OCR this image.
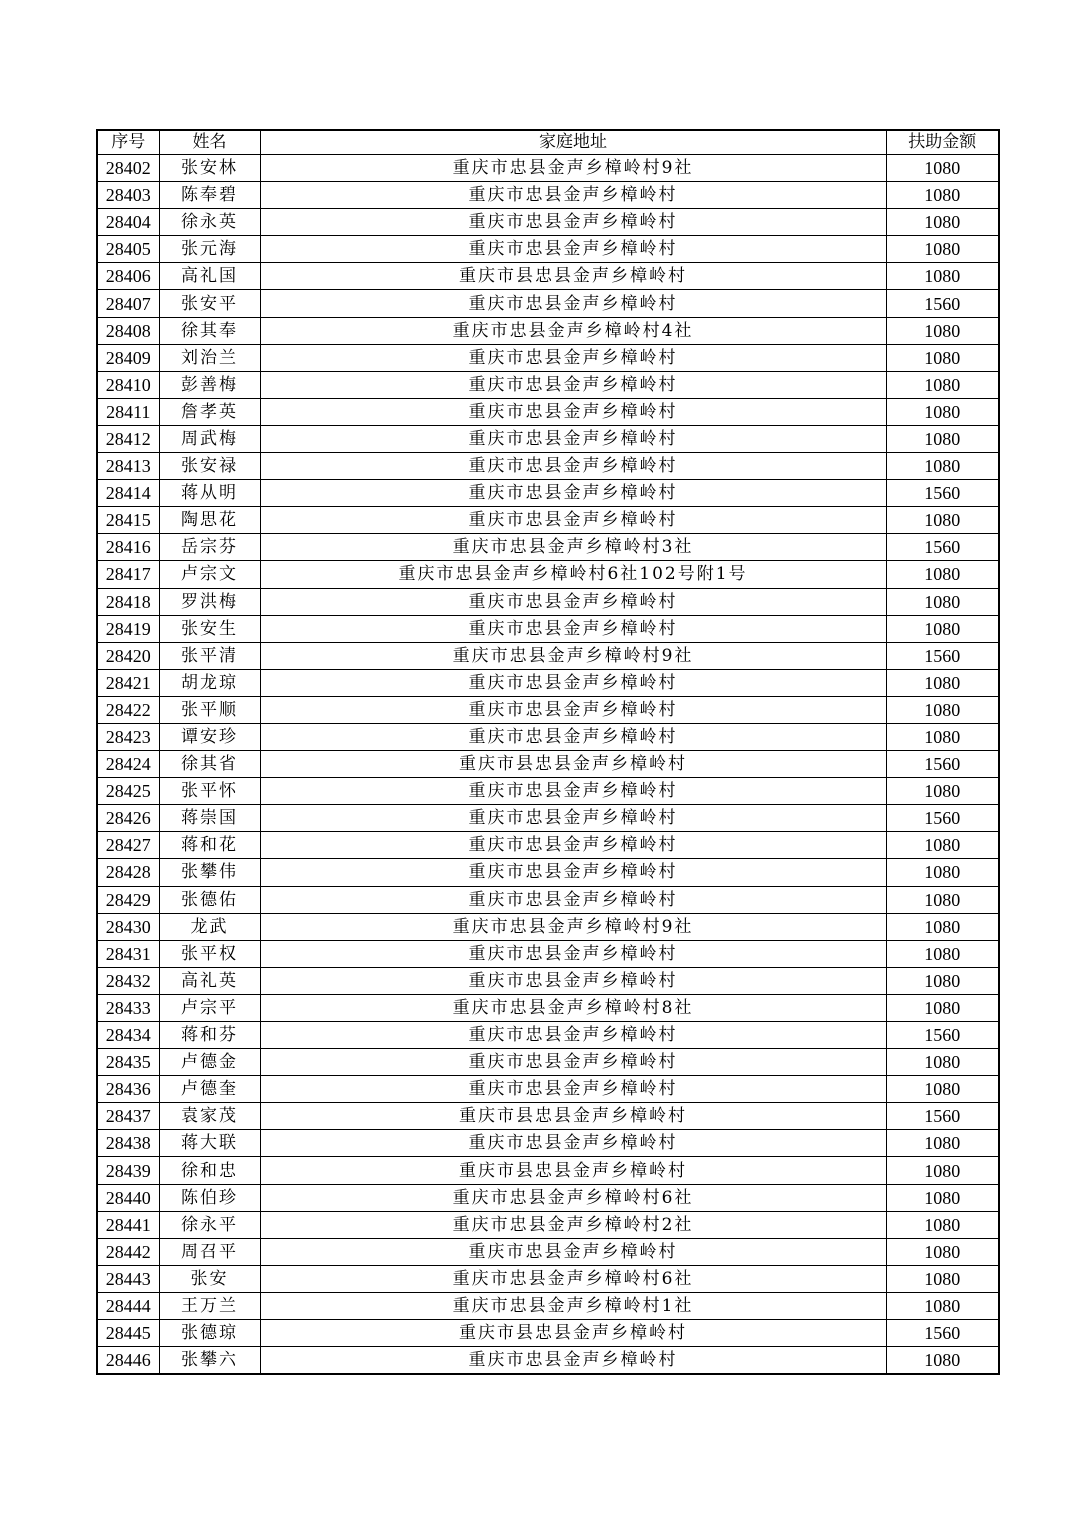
序号	姓名	家庭地址	扶助金额
28402	张安林	重庆市忠县金声乡樟岭村9社	1080
28403	陈奉碧	重庆市忠县金声乡樟岭村	1080
28404	徐永英	重庆市忠县金声乡樟岭村	1080
28405	张元海	重庆市忠县金声乡樟岭村	1080
28406	高礼国	重庆市县忠县金声乡樟岭村	1080
28407	张安平	重庆市忠县金声乡樟岭村	1560
28408	徐其奉	重庆市忠县金声乡樟岭村4社	1080
28409	刘治兰	重庆市忠县金声乡樟岭村	1080
28410	彭善梅	重庆市忠县金声乡樟岭村	1080
28411	詹孝英	重庆市忠县金声乡樟岭村	1080
28412	周武梅	重庆市忠县金声乡樟岭村	1080
28413	张安禄	重庆市忠县金声乡樟岭村	1080
28414	蒋从明	重庆市忠县金声乡樟岭村	1560
28415	陶思花	重庆市忠县金声乡樟岭村	1080
28416	岳宗芬	重庆市忠县金声乡樟岭村3社	1560
28417	卢宗文	重庆市忠县金声乡樟岭村6社102号附1号	1080
28418	罗洪梅	重庆市忠县金声乡樟岭村	1080
28419	张安生	重庆市忠县金声乡樟岭村	1080
28420	张平清	重庆市忠县金声乡樟岭村9社	1560
28421	胡龙琼	重庆市忠县金声乡樟岭村	1080
28422	张平顺	重庆市忠县金声乡樟岭村	1080
28423	谭安珍	重庆市忠县金声乡樟岭村	1080
28424	徐其省	重庆市县忠县金声乡樟岭村	1560
28425	张平怀	重庆市忠县金声乡樟岭村	1080
28426	蒋崇国	重庆市忠县金声乡樟岭村	1560
28427	蒋和花	重庆市忠县金声乡樟岭村	1080
28428	张攀伟	重庆市忠县金声乡樟岭村	1080
28429	张德佑	重庆市忠县金声乡樟岭村	1080
28430	龙武	重庆市忠县金声乡樟岭村9社	1080
28431	张平权	重庆市忠县金声乡樟岭村	1080
28432	高礼英	重庆市忠县金声乡樟岭村	1080
28433	卢宗平	重庆市忠县金声乡樟岭村8社	1080
28434	蒋和芬	重庆市忠县金声乡樟岭村	1560
28435	卢德金	重庆市忠县金声乡樟岭村	1080
28436	卢德奎	重庆市忠县金声乡樟岭村	1080
28437	袁家茂	重庆市县忠县金声乡樟岭村	1560
28438	蒋大联	重庆市忠县金声乡樟岭村	1080
28439	徐和忠	重庆市县忠县金声乡樟岭村	1080
28440	陈伯珍	重庆市忠县金声乡樟岭村6社	1080
28441	徐永平	重庆市忠县金声乡樟岭村2社	1080
28442	周召平	重庆市忠县金声乡樟岭村	1080
28443	张安	重庆市忠县金声乡樟岭村6社	1080
28444	王万兰	重庆市忠县金声乡樟岭村1社	1080
28445	张德琼	重庆市县忠县金声乡樟岭村	1560
28446	张攀六	重庆市忠县金声乡樟岭村	1080
